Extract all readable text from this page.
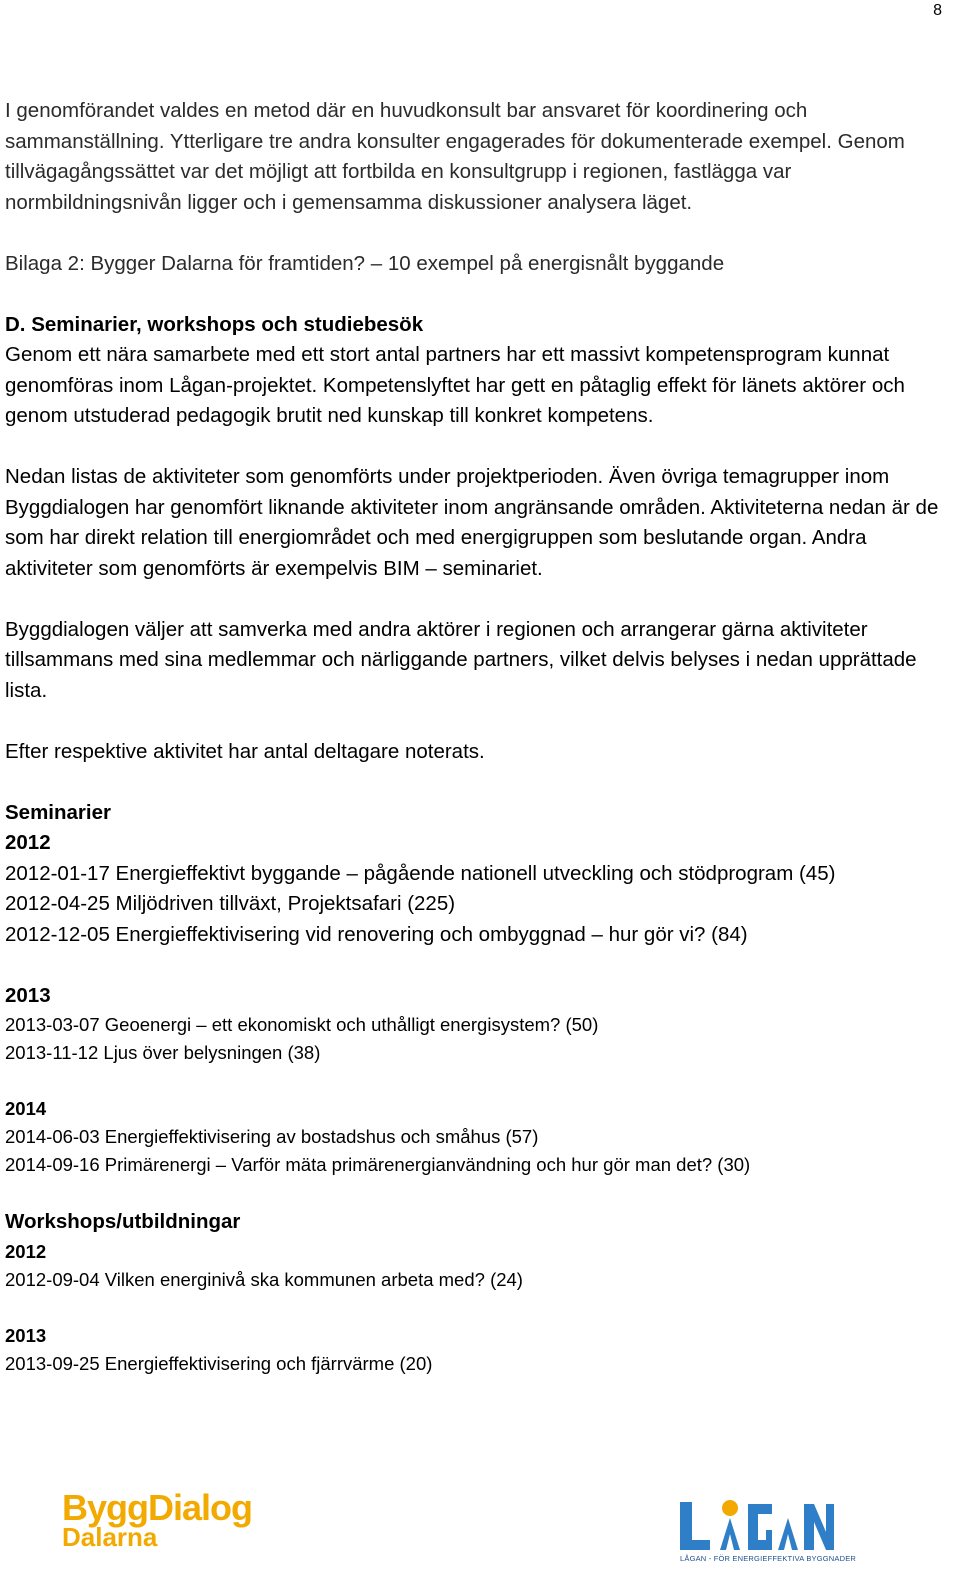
8
I genomförandet valdes en metod där en huvudkonsult bar ansvaret för koordinering och sammanställning. Ytterligare tre andra konsulter engagerades för dokumenterade exempel. Genom tillvägagångssättet var det möjligt att fortbilda en konsultgrupp i regionen, fastlägga var normbildningsnivån ligger och i gemensamma diskussioner analysera läget.
Bilaga 2: Bygger Dalarna för framtiden? – 10 exempel på energisnålt byggande
D. Seminarier, workshops och studiebesök
Genom ett nära samarbete med ett stort antal partners har ett massivt kompetensprogram kunnat genomföras inom Lågan-projektet. Kompetenslyftet har gett en påtaglig effekt för länets aktörer och genom utstuderad pedagogik brutit ned kunskap till konkret kompetens.
Nedan listas de aktiviteter som genomförts under projektperioden. Även övriga temagrupper inom Byggdialogen har genomfört liknande aktiviteter inom angränsande områden. Aktiviteterna nedan är de som har direkt relation till energiområdet och med energigruppen som beslutande organ. Andra aktiviteter som genomförts är exempelvis BIM – seminariet.
Byggdialogen väljer att samverka med andra aktörer i regionen och arrangerar gärna aktiviteter tillsammans med sina medlemmar och närliggande partners, vilket delvis belyses i nedan upprättade lista.
Efter respektive aktivitet har antal deltagare noterats.
Seminarier
2012
2012-01-17 Energieffektivt byggande – pågående nationell utveckling och stödprogram (45)
2012-04-25 Miljödriven tillväxt, Projektsafari (225)
2012-12-05 Energieffektivisering vid renovering och ombyggnad – hur gör vi? (84)
2013
2013-03-07 Geoenergi – ett ekonomiskt och uthålligt energisystem? (50)
2013-11-12 Ljus över belysningen (38)
2014
2014-06-03 Energieffektivisering av bostadshus och småhus (57)
2014-09-16 Primärenergi – Varför mäta primärenergianvändning och hur gör man det? (30)
Workshops/utbildningar
2012
2012-09-04 Vilken energinivå ska kommunen arbeta med? (24)
2013
2013-09-25 Energieffektivisering och fjärrvärme (20)
ByggDialog
Dalarna
LÅGAN - FÖR ENERGIEFFEKTIVA BYGGNADER
